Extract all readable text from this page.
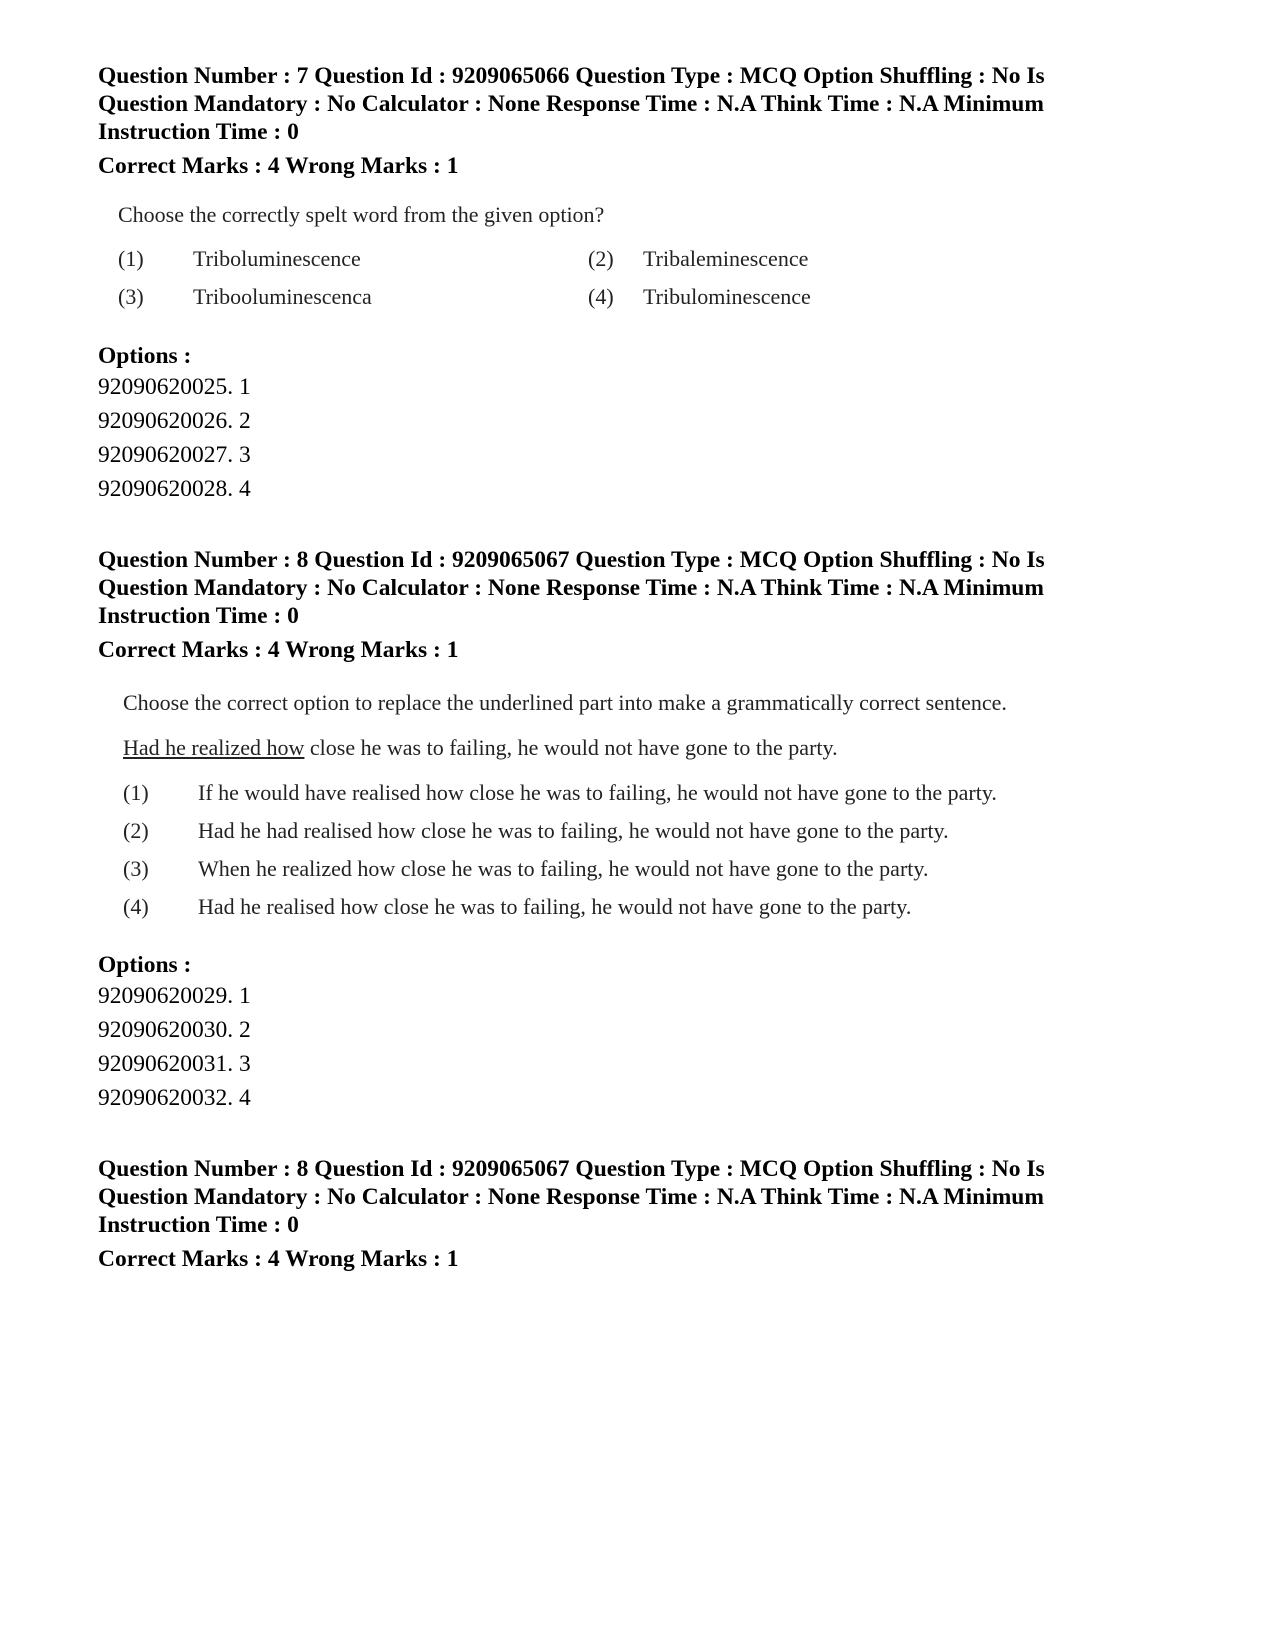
Question Number : 7 Question Id : 9209065066 Question Type : MCQ Option Shuffling : No Is Question Mandatory : No Calculator : None Response Time : N.A Think Time : N.A Minimum Instruction Time : 0

Correct Marks : 4 Wrong Marks : 1
Choose the correctly spelt word from the given option?
(1)	Triboluminescence	(2)	Tribaleminescence
(3)	Tribooluminescenca	(4)	Tribulominescence
Options :
92090620025. 1
92090620026. 2
92090620027. 3
92090620028. 4

Question Number : 8 Question Id : 9209065067 Question Type : MCQ Option Shuffling : No Is Question Mandatory : No Calculator : None Response Time : N.A Think Time : N.A Minimum Instruction Time : 0

Correct Marks : 4 Wrong Marks : 1
Choose the correct option to replace the underlined part into make a grammatically correct sentence.
Had he realized how close he was to failing, he would not have gone to the party.
(1)	If he would have realised how close he was to failing, he would not have gone to the party.
(2)	Had he had realised how close he was to failing, he would not have gone to the party.
(3)	When he realized how close he was to failing, he would not have gone to the party.
(4)	Had he realised how close he was to failing, he would not have gone to the party.
Options :
92090620029. 1
92090620030. 2
92090620031. 3
92090620032. 4

Question Number : 8 Question Id : 9209065067 Question Type : MCQ Option Shuffling : No Is Question Mandatory : No Calculator : None Response Time : N.A Think Time : N.A Minimum Instruction Time : 0

Correct Marks : 4 Wrong Marks : 1
